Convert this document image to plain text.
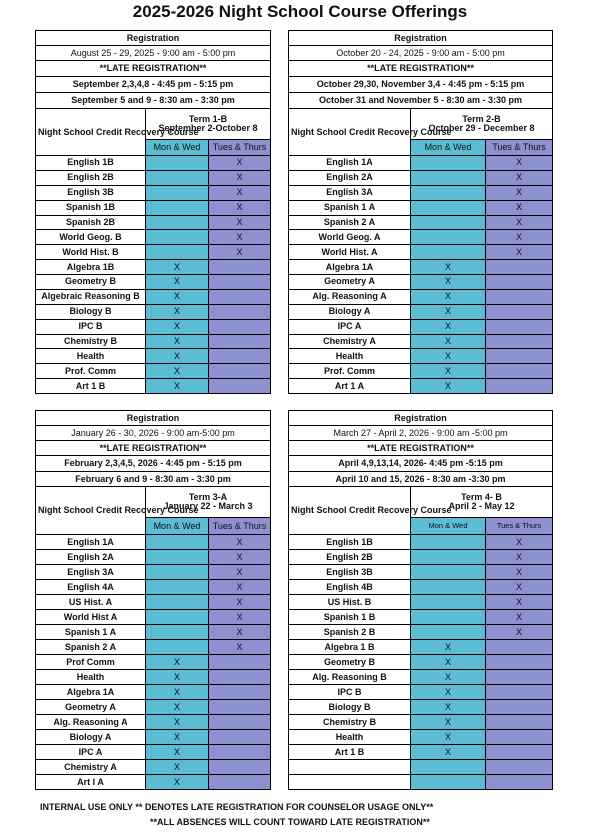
2025-2026 Night School Course Offerings
Registration		
August 25 - 29, 2025 - 9:00 am - 5:00 pm		
**LATE REGISTRATION**		
September 2,3,4,8 - 4:45 pm - 5:15 pm		
September 5 and 9 - 8:30 am - 3:30 pm		
Night School Credit Recovery Course	Term 1-B
September 2-October 8	

	Mon & Wed	Tues & Thurs
English 1B		X
English 2B		X
English 3B		X
Spanish 1B		X
Spanish 2B		X
World Geog. B		X
World Hist. B		X
Algebra 1B	X	
Geometry B	X	
Algebraic Reasoning B	X	
Biology B	X	
IPC B	X	
Chemistry B	X	
Health	X	
Prof. Comm	X	
Art 1 B	X	
Registration		
October 20 - 24, 2025 - 9:00 am - 5:00 pm		
**LATE REGISTRATION**		
October 29,30, November 3,4 - 4:45 pm - 5:15 pm		
October 31 and November 5 - 8:30 am - 3:30 pm		
Night School Credit Recovery Course	Term 2-B
October 29 - December 8	

	Mon & Wed	Tues & Thurs
English 1A		X
English 2A		X
English 3A		X
Spanish 1 A		X
Spanish 2 A		X
World Geog. A		X
World Hist. A		X
Algebra 1A	X	
Geometry A	X	
Alg. Reasoning A	X	
Biology A	X	
IPC A	X	
Chemistry A	X	
Health	X	
Prof. Comm	X	
Art 1 A	X	
Registration		
January 26 - 30, 2026 - 9:00 am-5:00 pm		
**LATE REGISTRATION**		
February 2,3,4,5, 2026 - 4:45 pm - 5:15 pm		
February 6 and 9 - 8:30 am - 3:30 pm		
Night School Credit Recovery Course	Term 3-A
January 22 - March 3	

	Mon & Wed	Tues & Thurs
English 1A		X
English 2A		X
English 3A		X
English 4A		X
US Hist. A		X
World Hist A		X
Spanish 1 A		X
Spanish 2 A		X
Prof Comm	X	
Health	X	
Algebra 1A	X	
Geometry A	X	
Alg. Reasoning A	X	
Biology A	X	
IPC A	X	
Chemistry A	X	
Art I A	X	
Registration		
March 27 - April 2, 2026 - 9:00 am -5:00 pm		
**LATE REGISTRATION**		
April 4,9,13,14, 2026- 4:45 pm -5:15 pm		
April 10 and 15, 2026 - 8:30 am -3:30 pm		
Night School Credit Recovery Course	Term 4- B
April 2 - May 12	

	Mon & Wed	Tues & Thurs
English 1B		X
English 2B		X
English 3B		X
English 4B		X
US Hist. B		X
Spanish 1 B		X
Spanish 2 B		X
Algebra 1 B	X	
Geometry B	X	
Alg. Reasoning B	X	
IPC B	X	
Biology B	X	
Chemistry B	X	
Health	X	
Art 1 B	X	

INTERNAL USE ONLY ** DENOTES LATE REGISTRATION FOR COUNSELOR USAGE ONLY**
**ALL ABSENCES WILL COUNT TOWARD LATE REGISTRATION**
